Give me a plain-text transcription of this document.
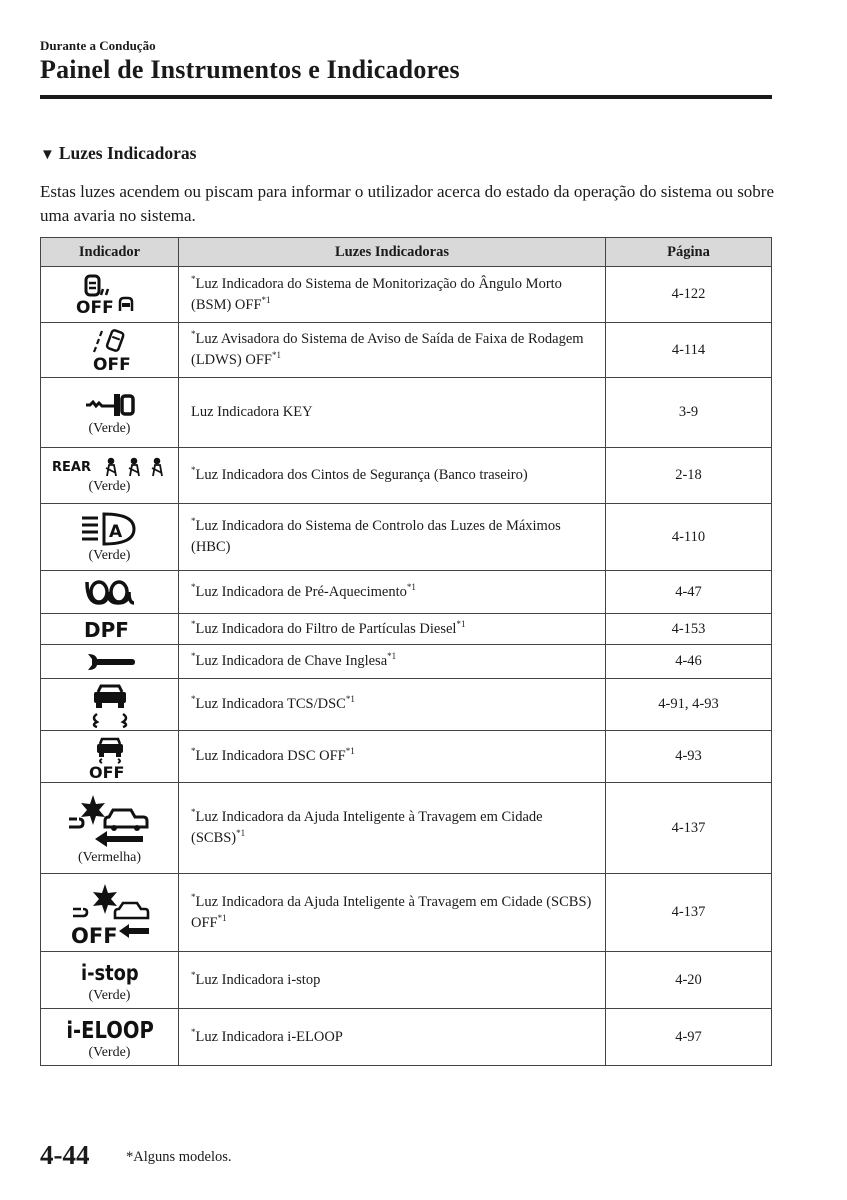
Durante a Condução
Painel de Instrumentos e Indicadores
▼ Luzes Indicadoras
Estas luzes acendem ou piscam para informar o utilizador acerca do estado da operação do sistema ou sobre uma avaria no sistema.
Indicador	Luzes Indicadoras	Página

OFF	*Luz Indicadora do Sistema de Monitorização do Ângulo Morto (BSM) OFF$^{*1}$	4-122

OFF	*Luz Avisadora do Sistema de Aviso de Saída de Faixa de Rodagem (LDWS) OFF$^{*1}$	4-114

(Verde)	Luz Indicadora KEY	3-9

REAR
(Verde)	*Luz Indicadora dos Cintos de Segurança (Banco traseiro)	2-18

A
(Verde)	*Luz Indicadora do Sistema de Controlo das Luzes de Máximos (HBC)	4-110

	*Luz Indicadora de Pré-Aquecimento$^{*1}$	4-47

DPF	*Luz Indicadora do Filtro de Partículas Diesel$^{*1}$	4-153

	*Luz Indicadora de Chave Inglesa$^{*1}$	4-46

	*Luz Indicadora TCS/DSC$^{*1}$	4-91, 4-93

OFF	*Luz Indicadora DSC OFF$^{*1}$	4-93

(Vermelha)	*Luz Indicadora da Ajuda Inteligente à Travagem em Cidade (SCBS)$^{*1}$	4-137

OFF	*Luz Indicadora da Ajuda Inteligente à Travagem em Cidade (SCBS) OFF$^{*1}$	4-137

i-stop
(Verde)	*Luz Indicadora i-stop	4-20

i-ELOOP
(Verde)	*Luz Indicadora i-ELOOP	4-97
4-44	*Alguns modelos.
